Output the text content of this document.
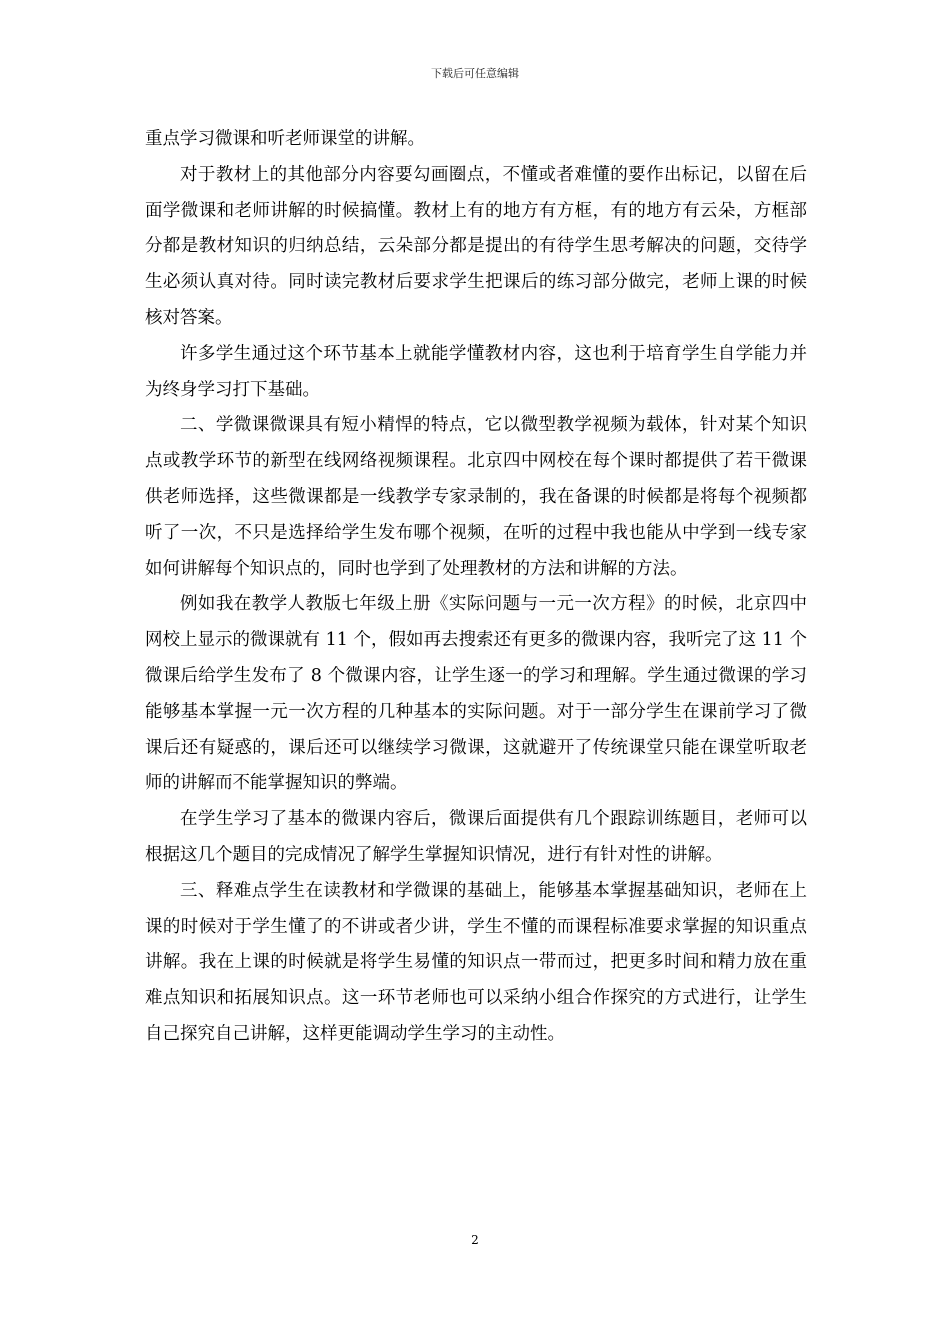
下载后可任意编辑

重点学习微课和听老师课堂的讲解。

对于教材上的其他部分内容要勾画圈点，不懂或者难懂的要作出标记，以留在后面学微课和老师讲解的时候搞懂。教材上有的地方有方框，有的地方有云朵，方框部分都是教材知识的归纳总结，云朵部分都是提出的有待学生思考解决的问题，交待学生必须认真对待。同时读完教材后要求学生把课后的练习部分做完，老师上课的时候核对答案。

许多学生通过这个环节基本上就能学懂教材内容，这也利于培育学生自学能力并为终身学习打下基础。

二、学微课微课具有短小精悍的特点，它以微型教学视频为载体，针对某个知识点或教学环节的新型在线网络视频课程。北京四中网校在每个课时都提供了若干微课供老师选择，这些微课都是一线教学专家录制的，我在备课的时候都是将每个视频都听了一次，不只是选择给学生发布哪个视频，在听的过程中我也能从中学到一线专家如何讲解每个知识点的，同时也学到了处理教材的方法和讲解的方法。

例如我在教学人教版七年级上册《实际问题与一元一次方程》的时候，北京四中网校上显示的微课就有 11 个，假如再去搜索还有更多的微课内容，我听完了这 11 个微课后给学生发布了 8 个微课内容，让学生逐一的学习和理解。学生通过微课的学习能够基本掌握一元一次方程的几种基本的实际问题。对于一部分学生在课前学习了微课后还有疑惑的，课后还可以继续学习微课，这就避开了传统课堂只能在课堂听取老师的讲解而不能掌握知识的弊端。

在学生学习了基本的微课内容后，微课后面提供有几个跟踪训练题目，老师可以根据这几个题目的完成情况了解学生掌握知识情况，进行有针对性的讲解。

三、释难点学生在读教材和学微课的基础上，能够基本掌握基础知识，老师在上课的时候对于学生懂了的不讲或者少讲，学生不懂的而课程标准要求掌握的知识重点讲解。我在上课的时候就是将学生易懂的知识点一带而过，把更多时间和精力放在重难点知识和拓展知识点。这一环节老师也可以采纳小组合作探究的方式进行，让学生自己探究自己讲解，这样更能调动学生学习的主动性。

2
